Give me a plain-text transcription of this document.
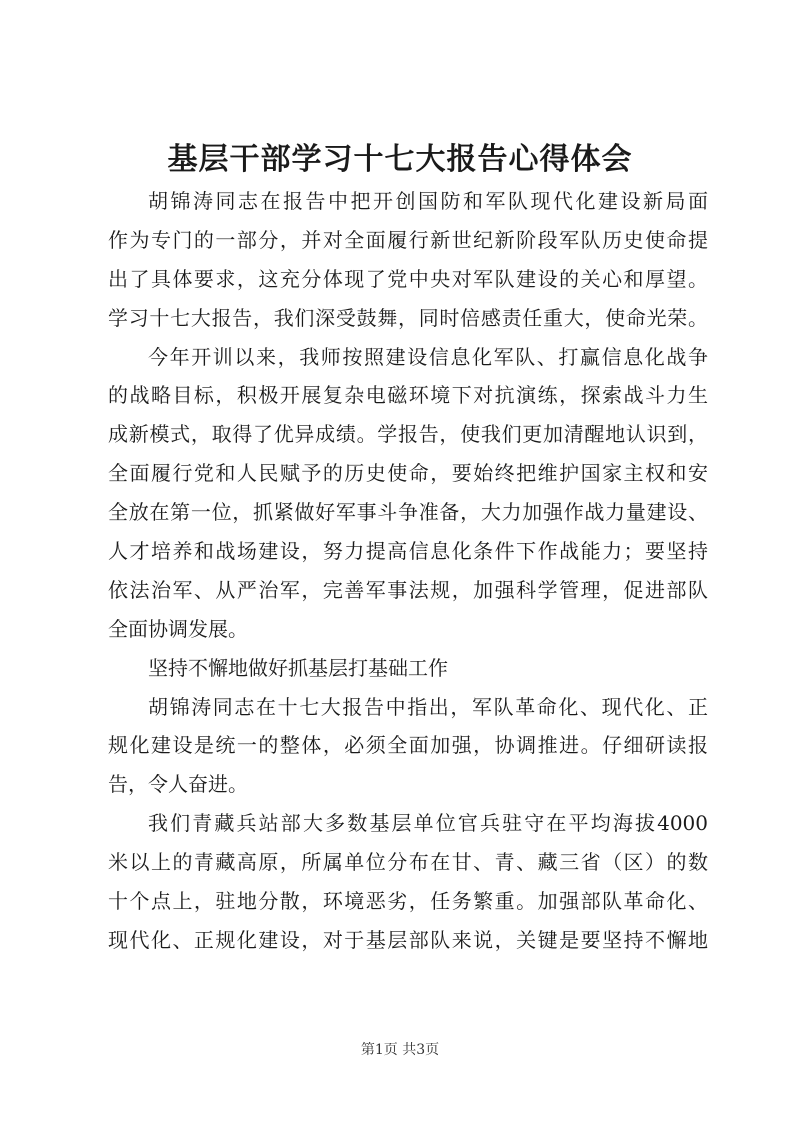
基层干部学习十七大报告心得体会
胡锦涛同志在报告中把开创国防和军队现代化建设新局面
作为专门的一部分，并对全面履行新世纪新阶段军队历史使命提
出了具体要求，这充分体现了党中央对军队建设的关心和厚望。
学习十七大报告，我们深受鼓舞，同时倍感责任重大，使命光荣。
今年开训以来，我师按照建设信息化军队、打赢信息化战争
的战略目标，积极开展复杂电磁环境下对抗演练，探索战斗力生
成新模式，取得了优异成绩。学报告，使我们更加清醒地认识到，
全面履行党和人民赋予的历史使命，要始终把维护国家主权和安
全放在第一位，抓紧做好军事斗争准备，大力加强作战力量建设、
人才培养和战场建设，努力提高信息化条件下作战能力；要坚持
依法治军、从严治军，完善军事法规，加强科学管理，促进部队
全面协调发展。
坚持不懈地做好抓基层打基础工作
胡锦涛同志在十七大报告中指出，军队革命化、现代化、正
规化建设是统一的整体，必须全面加强，协调推进。仔细研读报
告，令人奋进。
我们青藏兵站部大多数基层单位官兵驻守在平均海拔4000
米以上的青藏高原，所属单位分布在甘、青、藏三省（区）的数
十个点上，驻地分散，环境恶劣，任务繁重。加强部队革命化、
现代化、正规化建设，对于基层部队来说，关键是要坚持不懈地
第1页 共3页
